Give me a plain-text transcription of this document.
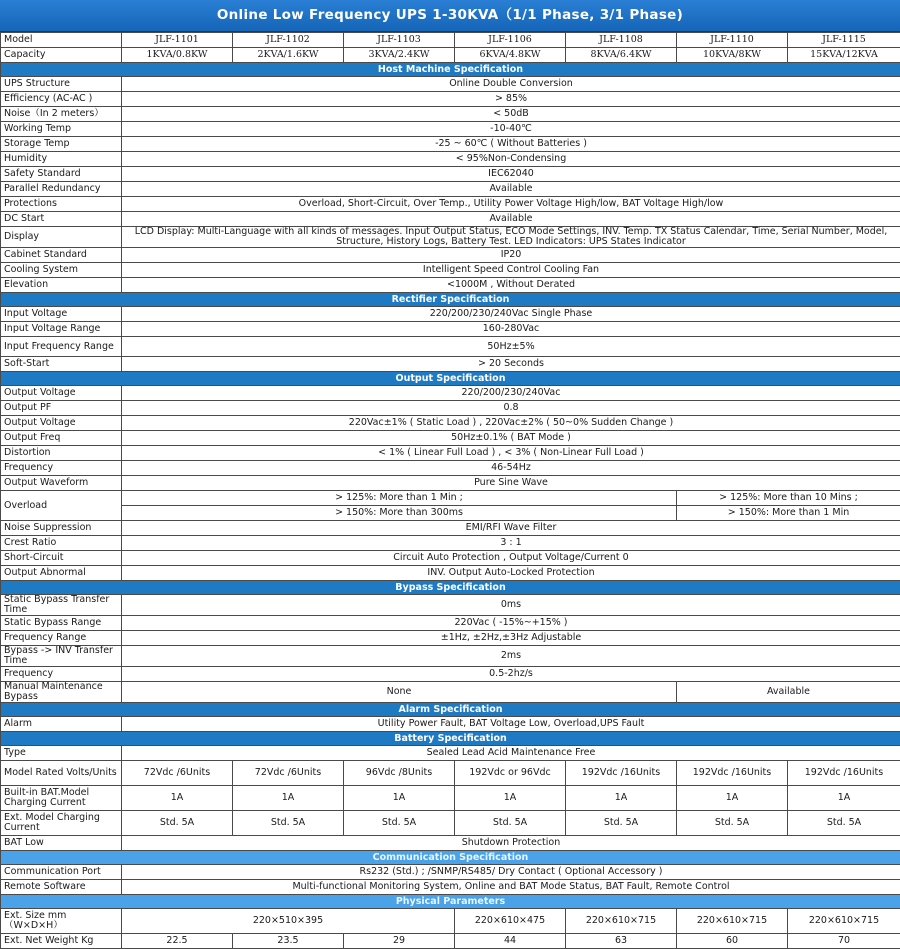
Online Low Frequency UPS 1-30KVA（1/1 Phase, 3/1 Phase)
Model	JLF-1101	JLF-1102	JLF-1103	JLF-1106	JLF-1108	JLF-1110	JLF-1115
Capacity	1KVA/0.8KW	2KVA/1.6KW	3KVA/2.4KW	6KVA/4.8KW	8KVA/6.4KW	10KVA/8KW	15KVA/12KVA
Host Machine Specification							
UPS Structure	Online Double Conversion						
Efficiency (AC-AC )	> 85%						
Noise（In 2 meters）	< 50dB						
Working Temp	-10-40℃						
Storage Temp	-25 ~ 60℃ ( Without Batteries )						
Humidity	< 95%Non-Condensing						
Safety Standard	IEC62040						
Parallel Redundancy	Available						
Protections	Overload, Short-Circuit, Over Temp., Utility Power Voltage High/low, BAT Voltage High/low						
DC Start	Available						
Display	LCD Display: Multi-Language with all kinds of messages. Input Output Status, ECO Mode Settings, INV. Temp. TX Status Calendar, Time, Serial Number, Model, Structure, History Logs, Battery Test. LED Indicators: UPS States Indicator						
Cabinet Standard	IP20						
Cooling System	Intelligent Speed Control Cooling Fan						
Elevation	<1000M , Without Derated						
Rectifier Specification							
Input Voltage	220/200/230/240Vac Single Phase						
Input Voltage Range	160-280Vac						
Input Frequency Range	50Hz±5%						
Soft-Start	> 20 Seconds						
Output Specification							
Output Voltage	220/200/230/240Vac						
Output PF	0.8						
Output Voltage	220Vac±1% ( Static Load ) , 220Vac±2% ( 50~0% Sudden Change )						
Output Freq	50Hz±0.1% ( BAT Mode )						
Distortion	< 1% ( Linear Full Load ) , < 3% ( Non-Linear Full Load )						
Frequency	46-54Hz						
Output Waveform	Pure Sine Wave						
Overload	> 125%: More than 1 Min ;					> 125%: More than 10 Mins ;	
	> 150%: More than 300ms					> 150%: More than 1 Min	
Noise Suppression	EMI/RFI Wave Filter						
Crest Ratio	3 : 1						
Short-Circuit	Circuit Auto Protection , Output Voltage/Current 0						
Output Abnormal	INV. Output Auto-Locked Protection						
Bypass Specification							
Static Bypass Transfer Time	0ms						
Static Bypass Range	220Vac ( -15%~+15% )						
Frequency Range	±1Hz, ±2Hz,±3Hz Adjustable						
Bypass -> INV Transfer Time	2ms						
Frequency	0.5-2hz/s						
Manual Maintenance Bypass	None					Available	
Alarm Specification							
Alarm	Utility Power Fault, BAT Voltage Low, Overload,UPS Fault						
Battery Specification							
Type	Sealed Lead Acid Maintenance Free						
Model Rated Volts/Units	72Vdc /6Units	72Vdc /6Units	96Vdc /8Units	192Vdc or 96Vdc	192Vdc /16Units	192Vdc /16Units	192Vdc /16Units
Built-in BAT.Model Charging Current	1A	1A	1A	1A	1A	1A	1A
Ext. Model Charging Current	Std. 5A	Std. 5A	Std. 5A	Std. 5A	Std. 5A	Std. 5A	Std. 5A
BAT Low	Shutdown Protection						
Communication Specification							
Communication Port	Rs232 (Std.) ; /SNMP/RS485/ Dry Contact ( Optional Accessory )						
Remote Software	Multi-functional Monitoring System, Online and BAT Mode Status, BAT Fault, Remote Control						
Physical Parameters							
Ext. Size mm（W×D×H）	220×510×395			220×610×475	220×610×715	220×610×715	220×610×715
Ext. Net Weight Kg	22.5	23.5	29	44	63	60	70
